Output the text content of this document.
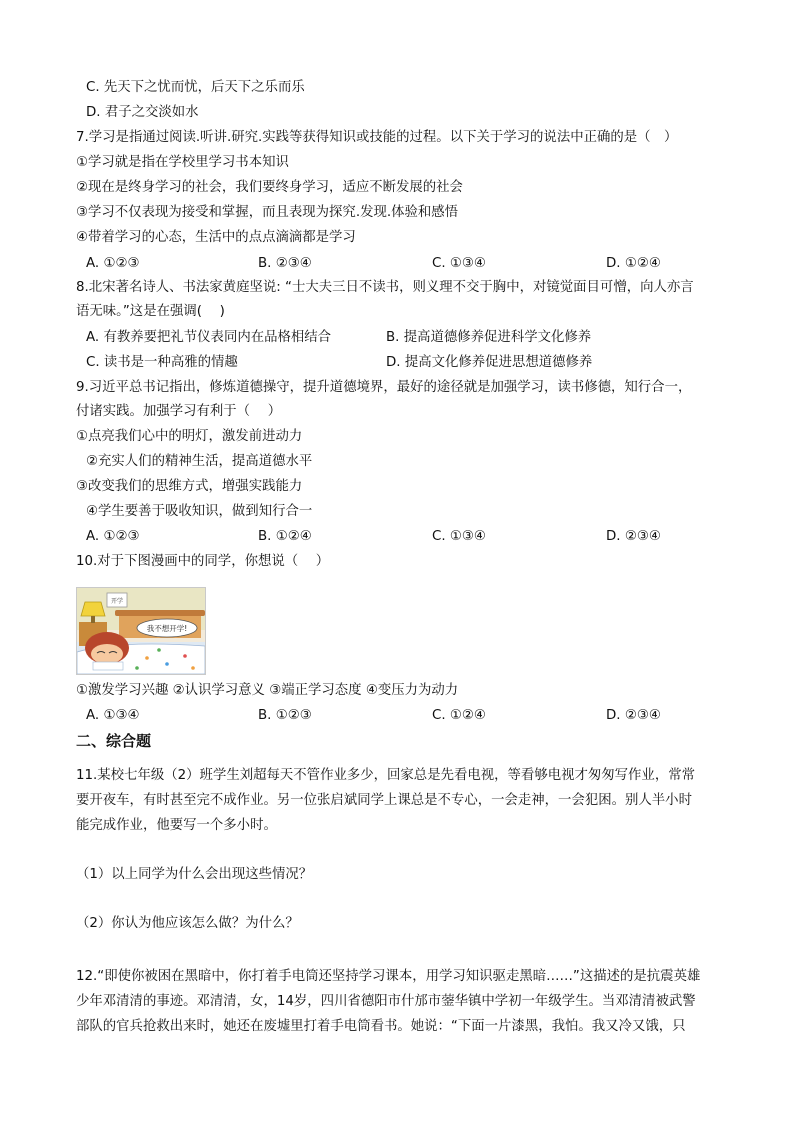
C. 先天下之忧而忧，后天下之乐而乐
D. 君子之交淡如水
7.学习是指通过阅读.听讲.研究.实践等获得知识或技能的过程。以下关于学习的说法中正确的是（　）
①学习就是指在学校里学习书本知识
②现在是终身学习的社会，我们要终身学习，适应不断发展的社会
③学习不仅表现为接受和掌握，而且表现为探究.发现.体验和感悟
④带着学习的心态，生活中的点点滴滴都是学习
A. ①②③	B. ②③④	C. ①③④	D. ①②④
8.北宋著名诗人、书法家黄庭坚说: “士大夫三日不读书，则义理不交于胸中，对镜觉面目可憎，向人亦言
语无味。”这是在强调(　 )
A. 有教养要把礼节仪表同内在品格相结合	B. 提高道德修养促进科学文化修养
C. 读书是一种高雅的情趣	D. 提高文化修养促进思想道德修养
9.习近平总书记指出，修炼道德操守，提升道德境界，最好的途径就是加强学习，读书修德，知行合一，
付诸实践。加强学习有利于（　 ）
①点亮我们心中的明灯，激发前进动力
②充实人们的精神生活，提高道德水平
③改变我们的思维方式，增强实践能力
④学生要善于吸收知识，做到知行合一
A. ①②③	B. ①②④	C. ①③④	D. ②③④
10.对于下图漫画中的同学，你想说（　 ）
开学
我不想开学!
①激发学习兴趣 ②认识学习意义 ③端正学习态度 ④变压力为动力
A. ①③④	B. ①②③	C. ①②④	D. ②③④
二、综合题
11.某校七年级（2）班学生刘超每天不管作业多少，回家总是先看电视，等看够电视才匆匆写作业，常常
要开夜车，有时甚至完不成作业。另一位张启斌同学上课总是不专心，一会走神，一会犯困。别人半小时
能完成作业，他要写一个多小时。
（1）以上同学为什么会出现这些情况？
（2）你认为他应该怎么做？为什么？
12.“即使你被困在黑暗中，你打着手电筒还坚持学习课本，用学习知识驱走黑暗……”这描述的是抗震英雄
少年邓清清的事迹。邓清清，女，14岁，四川省德阳市什邡市蓥华镇中学初一年级学生。当邓清清被武警
部队的官兵抢救出来时，她还在废墟里打着手电筒看书。她说：“下面一片漆黑，我怕。我又冷又饿，只
